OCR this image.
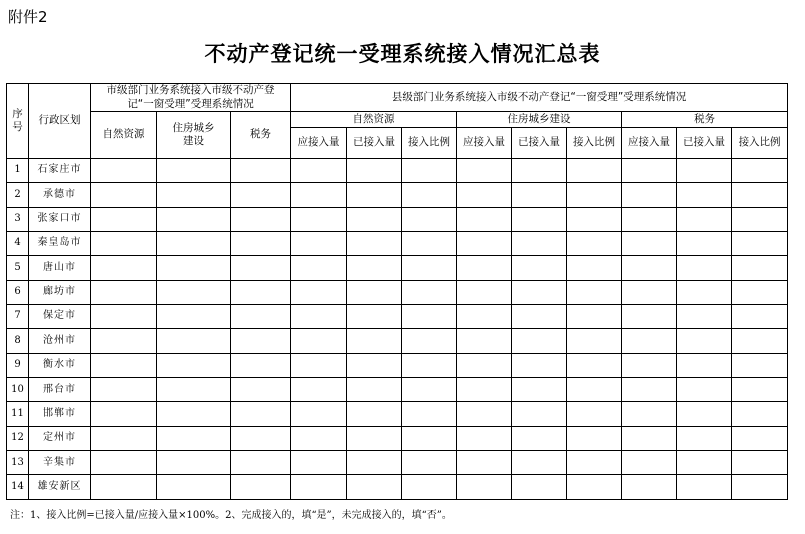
附件2
不动产登记统一受理系统接入情况汇总表
序号	行政区划	市级部门业务系统接入市级不动产登记“一窗受理”受理系统情况			县级部门业务系统接入市级不动产登记“一窗受理”受理系统情况								
		自然资源	住房城乡建设	税务	自然资源			住房城乡建设			税务		
					应接入量	已接入量	接入比例	应接入量	已接入量	接入比例	应接入量	已接入量	接入比例
1	石家庄市												
2	承德市												
3	张家口市												
4	秦皇岛市												
5	唐山市												
6	廊坊市												
7	保定市												
8	沧州市												
9	衡水市												
10	邢台市												
11	邯郸市												
12	定州市												
13	辛集市												
14	雄安新区												
注：1、接入比例=已接入量/应接入量×100%。2、完成接入的，填“是”，未完成接入的，填“否”。
